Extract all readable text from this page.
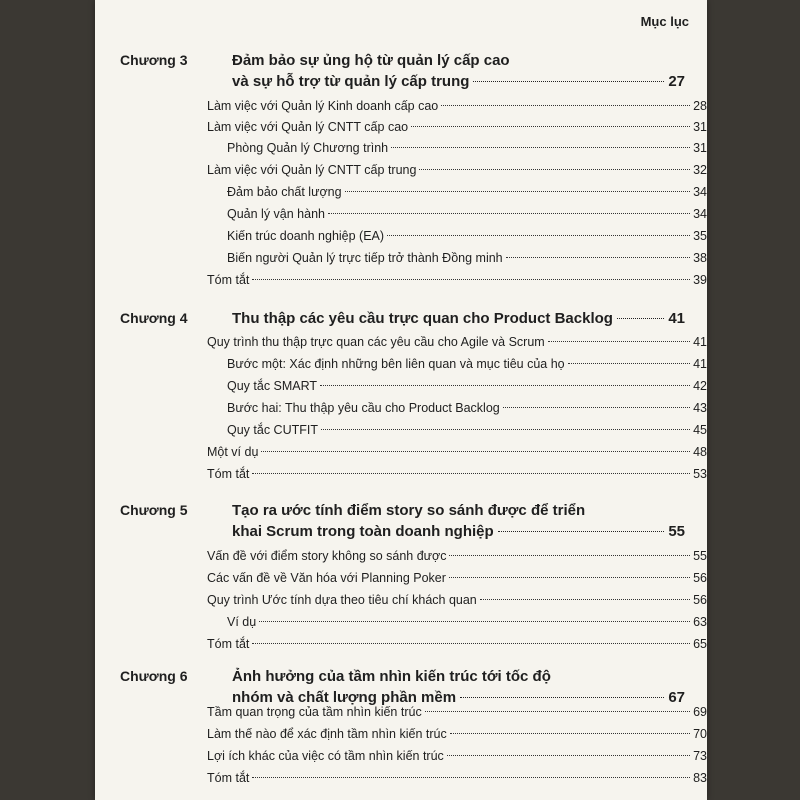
Mục lục
Chương 3	Đảm bảo sự ủng hộ từ quản lý cấp cao
và sự hỗ trợ từ quản lý cấp trung	27
Làm việc với Quản lý Kinh doanh cấp cao	28
Làm việc với Quản lý CNTT cấp cao	31
Phòng Quản lý Chương trình	31
Làm việc với Quản lý CNTT cấp trung	32
Đảm bảo chất lượng	34
Quản lý vận hành	34
Kiến trúc doanh nghiệp (EA)	35
Biến người Quản lý trực tiếp trở thành Đồng minh	38
Tóm tắt	39
Chương 4	Thu thập các yêu cầu trực quan cho Product Backlog	41
Quy trình thu thập trực quan các yêu cầu cho Agile và Scrum	41
Bước một: Xác định những bên liên quan và mục tiêu của họ	41
Quy tắc SMART	42
Bước hai: Thu thập yêu cầu cho Product Backlog	43
Quy tắc CUTFIT	45
Một ví dụ	48
Tóm tắt	53
Chương 5	Tạo ra ước tính điểm story so sánh được để triển
khai Scrum trong toàn doanh nghiệp	55
Vấn đề với điểm story không so sánh được	55
Các vấn đề về Văn hóa với Planning Poker	56
Quy trình Ước tính dựa theo tiêu chí khách quan	56
Ví dụ	63
Tóm tắt	65
Chương 6	Ảnh hưởng của tầm nhìn kiến trúc tới tốc độ
nhóm và chất lượng phần mềm	67
Tầm quan trọng của tầm nhìn kiến trúc	69
Làm thế nào để xác định tầm nhìn kiến trúc	70
Lợi ích khác của việc có tầm nhìn kiến trúc	73
Tóm tắt	83
